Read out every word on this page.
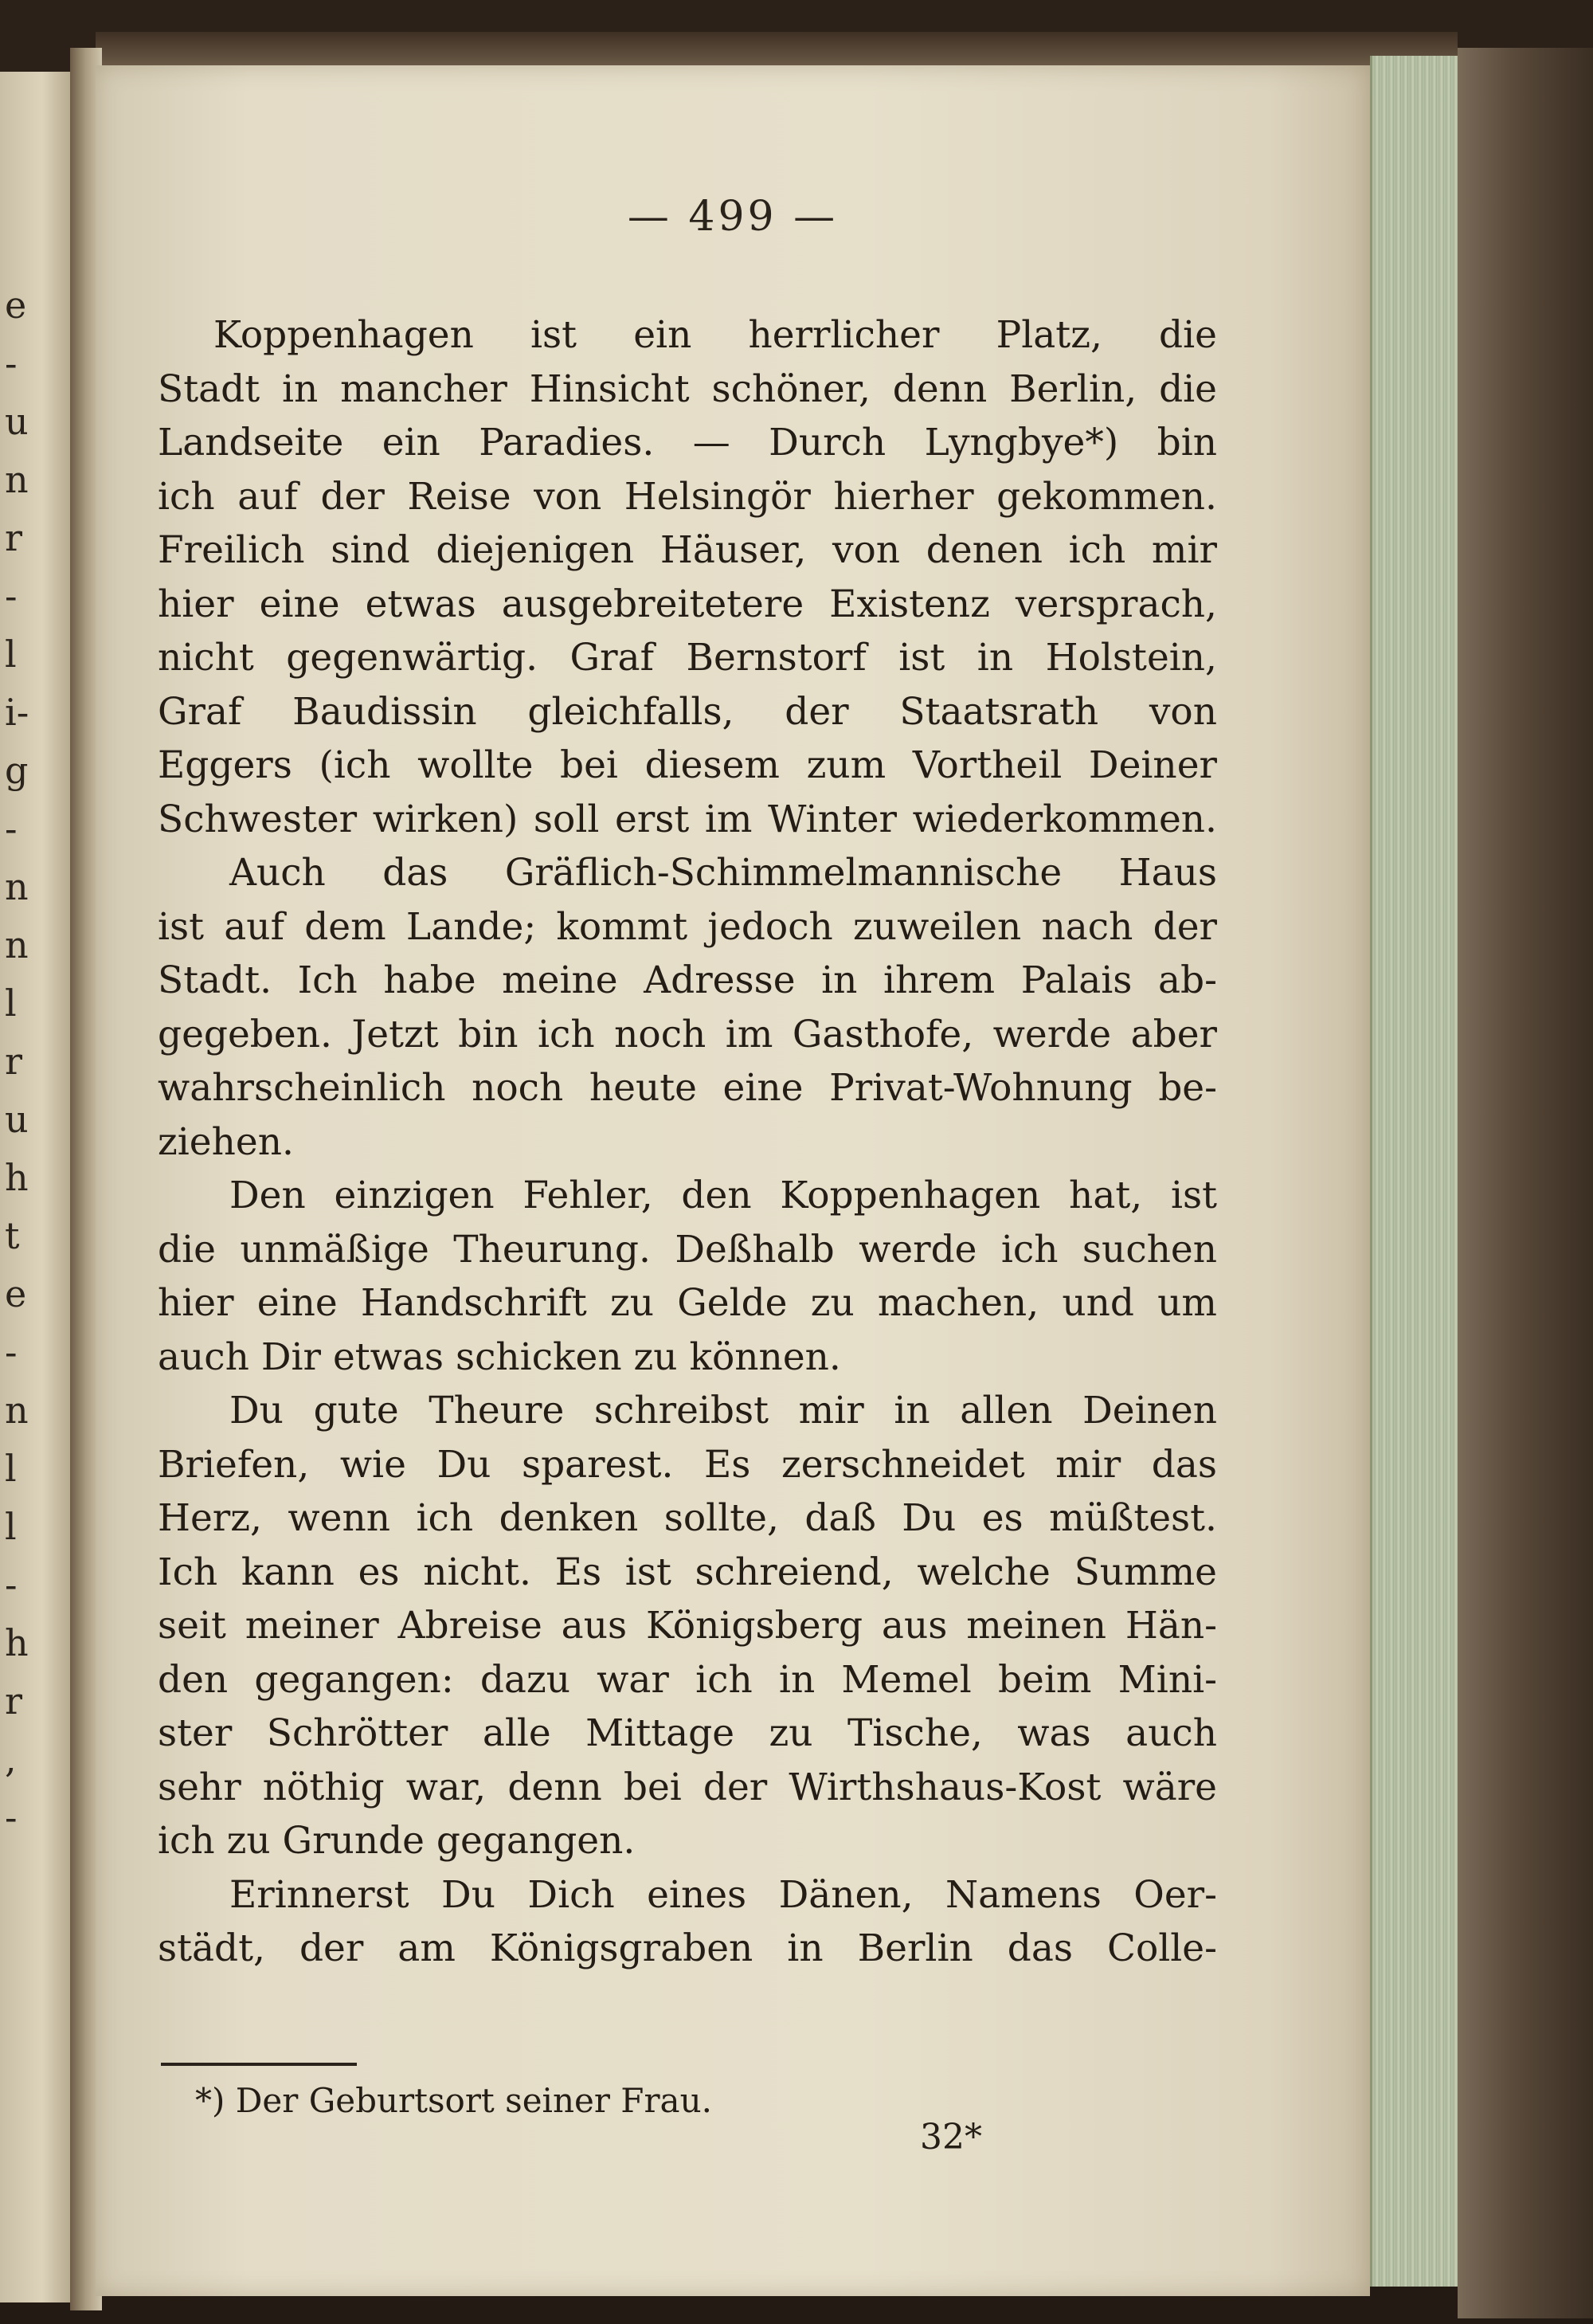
e
-
u
n
r
-
l
i-
g
-
n
n
l
r
u
h
t
e
-
n
l
l
-
h
r
,
-
— 499 —
Koppenhagen ist ein herrlicher Platz, die
Stadt in mancher Hinsicht schöner, denn Berlin, die
Landseite ein Paradies. — Durch Lyngbye*) bin
ich auf der Reise von Helsingör hierher gekommen.
Freilich sind diejenigen Häuser, von denen ich mir
hier eine etwas ausgebreitetere Existenz versprach,
nicht gegenwärtig. Graf Bernstorf ist in Holstein,
Graf Baudissin gleichfalls, der Staatsrath von
Eggers (ich wollte bei diesem zum Vortheil Deiner
Schwester wirken) soll erst im Winter wiederkommen.
Auch das Gräflich-Schimmelmannische Haus
ist auf dem Lande; kommt jedoch zuweilen nach der
Stadt. Ich habe meine Adresse in ihrem Palais ab-
gegeben. Jetzt bin ich noch im Gasthofe, werde aber
wahrscheinlich noch heute eine Privat-Wohnung be-
ziehen.
Den einzigen Fehler, den Koppenhagen hat, ist
die unmäßige Theurung. Deßhalb werde ich suchen
hier eine Handschrift zu Gelde zu machen, und um
auch Dir etwas schicken zu können.
Du gute Theure schreibst mir in allen Deinen
Briefen, wie Du sparest. Es zerschneidet mir das
Herz, wenn ich denken sollte, daß Du es müßtest.
Ich kann es nicht. Es ist schreiend, welche Summe
seit meiner Abreise aus Königsberg aus meinen Hän-
den gegangen: dazu war ich in Memel beim Mini-
ster Schrötter alle Mittage zu Tische, was auch
sehr nöthig war, denn bei der Wirthshaus-Kost wäre
ich zu Grunde gegangen.
Erinnerst Du Dich eines Dänen, Namens Oer-
städt, der am Königsgraben in Berlin das Colle-
*) Der Geburtsort seiner Frau.
32*
